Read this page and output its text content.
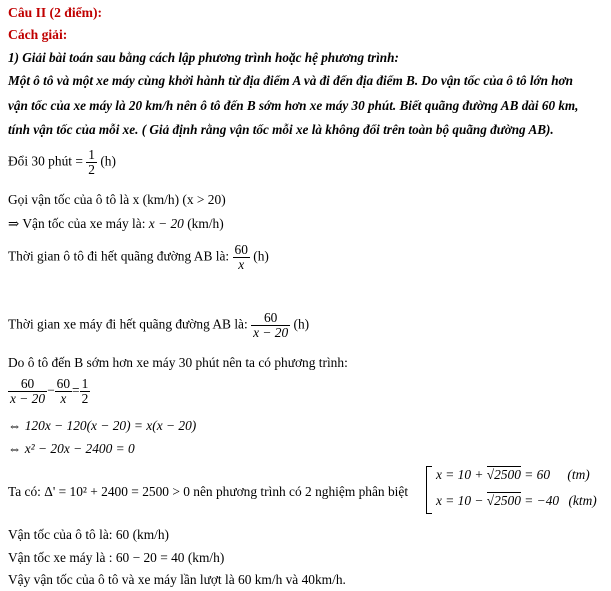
Câu II (2 điểm):
Cách giải:
1) Giải bài toán sau bằng cách lập phương trình hoặc hệ phương trình:
Một ô tô và một xe máy cùng khởi hành từ địa điểm A và đi đến địa điểm B. Do vận tốc của ô tô lớn hơn
vận tốc của xe máy là 20 km/h nên ô tô đến B sớm hơn xe máy 30 phút. Biết quãng đường AB dài 60 km,
tính vận tốc của mỗi xe. ( Giả định rằng vận tốc mỗi xe là không đổi trên toàn bộ quãng đường AB).
Đổi 30 phút = $\frac{1}{2} (h)$
Gọi vận tốc của ô tô là x (km/h) (x > 20)
⇒ Vận tốc của xe máy là: x − 20 (km/h)
Thời gian ô tô đi hết quãng đường AB là: $\frac{60}{x} (h)$
Thời gian xe máy đi hết quãng đường AB là: $\frac{60}{x - 20} (h)$
Do ô tô đến B sớm hơn xe máy 30 phút nên ta có phương trình:
$\frac{60}{x - 20} - \frac{60}{x} = \frac{1}{2}$
⇔ 120x − 120(x − 20) = x(x − 20)
⇔ x² − 20x − 2400 = 0
Ta có: Δ' = 10² + 2400 = 2500 > 0 nên phương trình có 2 nghiệm phân biệt
x = 10 + √2500 = 60 (tm)
x = 10 − √2500 = −40 (ktm)
Vận tốc của ô tô là: 60 (km/h)
Vận tốc xe máy là : 60 − 20 = 40 (km/h)
Vậy vận tốc của ô tô và xe máy lần lượt là 60 km/h và 40km/h.
